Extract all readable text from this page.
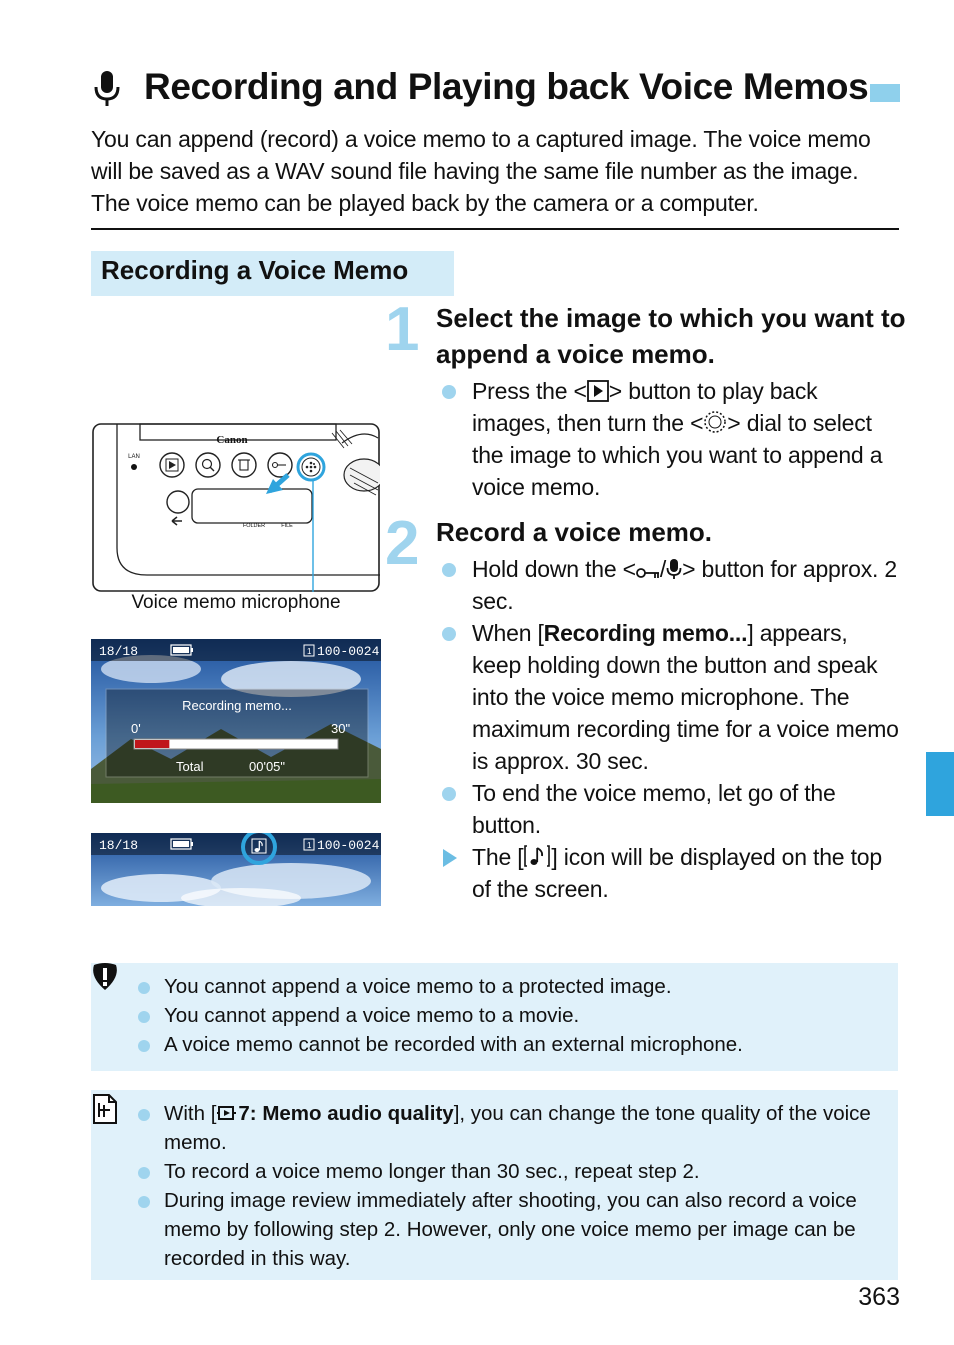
Recording and Playing back Voice Memos
You can append (record) a voice memo to a captured image. The voice memo will be saved as a WAV sound file having the same file number as the image. The voice memo can be played back by the camera or a computer.
Recording a Voice Memo
1 Select the image to which you want to append a voice memo.
Press the < > button to play back images, then turn the < > dial to select the image to which you want to append a voice memo.
2 Record a voice memo.
Hold down the < / > button for approx. 2 sec.
When [Recording memo...] appears, keep holding down the button and speak into the voice memo microphone. The maximum recording time for a voice memo is approx. 30 sec.
To end the voice memo, let go of the button.
The [ ] icon will be displayed on the top of the screen.
Canon
LAN
FOLDER	FILE
Voice memo microphone
18/18	1 100-0024
Recording memo...
0'	30"
Total	00'05"
18/18	1 100-0024
You cannot append a voice memo to a protected image.
You cannot append a voice memo to a movie.
A voice memo cannot be recorded with an external microphone.
With [ 7: Memo audio quality], you can change the tone quality of the voice memo.
To record a voice memo longer than 30 sec., repeat step 2.
During image review immediately after shooting, you can also record a voice memo by following step 2. However, only one voice memo per image can be recorded in this way.
363
